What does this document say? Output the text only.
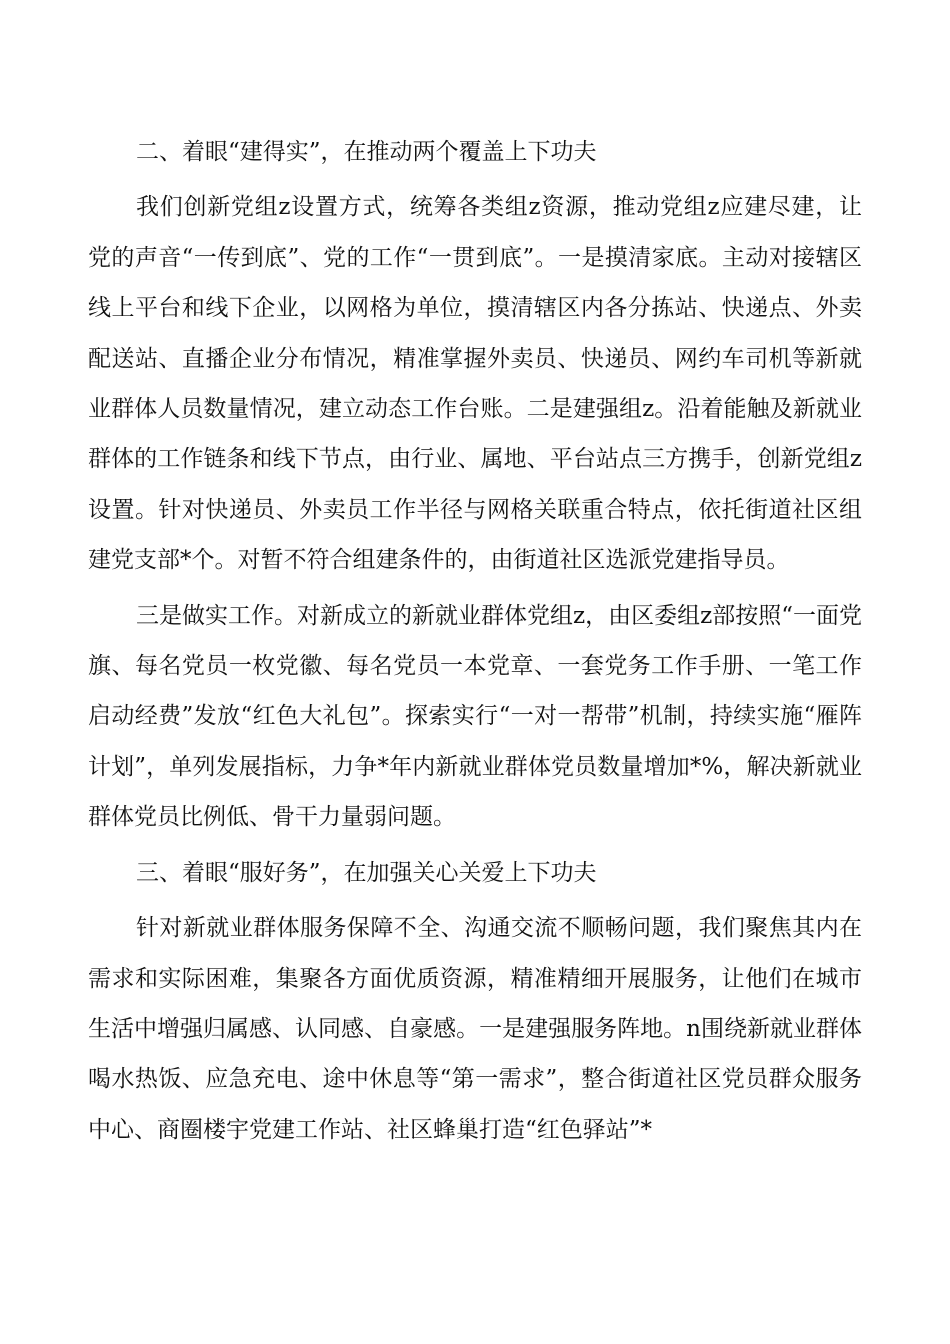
二、着眼“建得实”，在推动两个覆盖上下功夫

我们创新党组z设置方式，统筹各类组z资源，推动党组z应建尽建，让党的声音“一传到底”、党的工作“一贯到底”。一是摸清家底。主动对接辖区线上平台和线下企业，以网格为单位，摸清辖区内各分拣站、快递点、外卖配送站、直播企业分布情况，精准掌握外卖员、快递员、网约车司机等新就业群体人员数量情况，建立动态工作台账。二是建强组z。沿着能触及新就业群体的工作链条和线下节点，由行业、属地、平台站点三方携手，创新党组z设置。针对快递员、外卖员工作半径与网格关联重合特点，依托街道社区组建党支部*个。对暂不符合组建条件的，由街道社区选派党建指导员。

三是做实工作。对新成立的新就业群体党组z，由区委组z部按照“一面党旗、每名党员一枚党徽、每名党员一本党章、一套党务工作手册、一笔工作启动经费”发放“红色大礼包”。探索实行“一对一帮带”机制，持续实施“雁阵计划”，单列发展指标，力争*年内新就业群体党员数量增加*%，解决新就业群体党员比例低、骨干力量弱问题。

三、着眼“服好务”，在加强关心关爱上下功夫

针对新就业群体服务保障不全、沟通交流不顺畅问题，我们聚焦其内在需求和实际困难，集聚各方面优质资源，精准精细开展服务，让他们在城市生活中增强归属感、认同感、自豪感。一是建强服务阵地。n围绕新就业群体喝水热饭、应急充电、途中休息等“第一需求”，整合街道社区党员群众服务中心、商圈楼宇党建工作站、社区蜂巢打造“红色驿站”*
